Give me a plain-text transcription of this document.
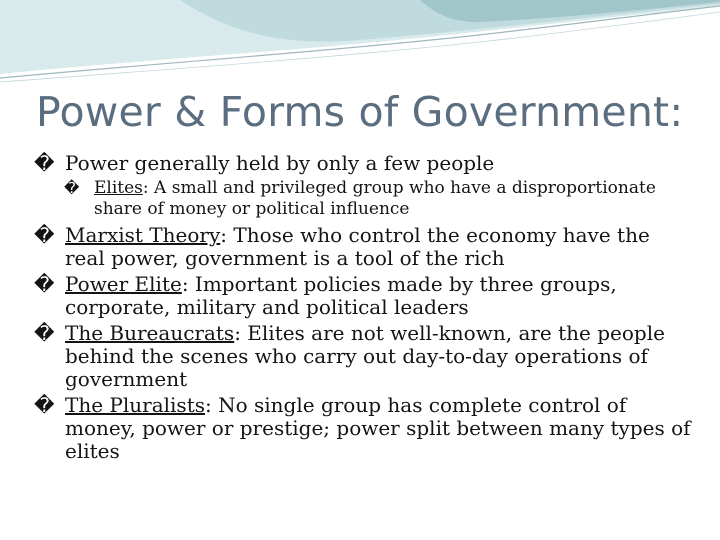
Power & Forms of Government:
� Power generally held by only a few people
� Elites: A small and privileged group who have a disproportionate share of money or political influence
� Marxist Theory: Those who control the economy have the real power, government is a tool of the rich
� Power Elite: Important policies made by three groups, corporate, military and political leaders
� The Bureaucrats: Elites are not well-known, are the people behind the scenes who carry out day-to-day operations of government
� The Pluralists: No single group has complete control of money, power or prestige; power split between many types of elites
